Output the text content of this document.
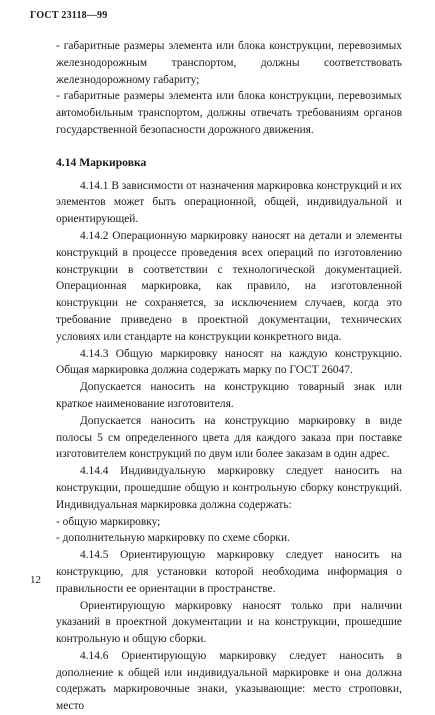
ГОСТ 23118—99

- габаритные размеры элемента или блока конструкции, перевозимых железнодорожным транспортом, должны соответствовать железнодорожному габариту;

- габаритные размеры элемента или блока конструкции, перевозимых автомобильным транспортом, должны отвечать требованиям органов государственной безопасности дорожного движения.

4.14 Маркировка

4.14.1 В зависимости от назначения маркировка конструкций и их элементов может быть операционной, общей, индивидуальной и ориентирующей.

4.14.2 Операционную маркировку наносят на детали и элементы конструкций в процессе проведения всех операций по изготовлению конструкции в соответствии с технологической документацией. Операционная маркировка, как правило, на изготовленной конструкции не сохраняется, за исключением случаев, когда это требование приведено в проектной документации, технических условиях или стандарте на конструкции конкретного вида.

4.14.3 Общую маркировку наносят на каждую конструкцию. Общая маркировка должна содержать марку по ГОСТ 26047.

Допускается наносить на конструкцию товарный знак или краткое наименование изготовителя.

Допускается наносить на конструкцию маркировку в виде полосы 5 см определенного цвета для каждого заказа при поставке изготовителем конструкций по двум или более заказам в один адрес.

4.14.4 Индивидуальную маркировку следует наносить на конструкции, прошедшие общую и контрольную сборку конструкций. Индивидуальная маркировка должна содержать:

- общую маркировку;

- дополнительную маркировку по схеме сборки.

4.14.5 Ориентирующую маркировку следует наносить на конструкцию, для установки которой необходима информация о правильности ее ориентации в пространстве.

Ориентирующую маркировку наносят только при наличии указаний в проектной документации и на конструкции, прошедшие контрольную и общую сборки.

4.14.6 Ориентирующую маркировку следует наносить в дополнение к общей или индивидуальной маркировке и она должна содержать маркировочные знаки, указывающие: место строповки, место

12
